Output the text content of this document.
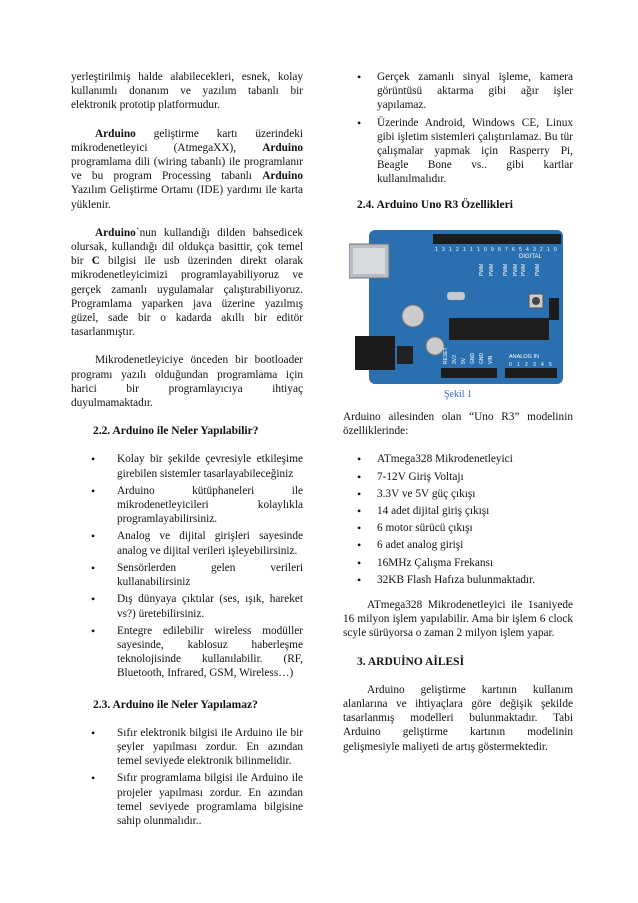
yerleştirilmiş halde alabilecekleri, esnek, kolay kullanımlı donanım ve yazılım tabanlı bir elektronik prototip platformudur.

Arduino geliştirme kartı üzerindeki mikrodenetleyici (AtmegaXX), Arduino programlama dili (wiring tabanlı) ile programlanır ve bu program Processing tabanlı Arduino Yazılım Geliştirme Ortamı (IDE) yardımı ile karta yüklenir.

Arduino`nun kullandığı dilden bahsedicek olursak, kullandığı dil oldukça basittir, çok temel bir C bilgisi ile usb üzerinden direkt olarak mikrodenetleyicimizi programlayabiliyoruz ve gerçek zamanlı uygulamalar çalıştırabiliyoruz. Programlama yaparken java üzerine yazılmış güzel, sade bir o kadarda akıllı bir editör tasarlanmıştır.

Mikrodenetleyiciye önceden bir bootloader programı yazılı olduğundan programlama için harici bir programlayıcıya ihtiyaç duyulmamaktadır.

2.2. Arduino ile Neler Yapılabilir?
• Kolay bir şekilde çevresiyle etkileşime girebilen sistemler tasarlayabileceğiniz
• Arduino kütüphaneleri ile mikrodenetleyicileri kolaylıkla programlayabilirsiniz.
• Analog ve dijital girişleri sayesinde analog ve dijital verileri işleyebilirsiniz.
• Sensörlerden gelen verileri kullanabilirsiniz
• Dış dünyaya çıktılar (ses, ışık, hareket vs?) üretebilirsiniz.
• Entegre edilebilir wireless modüller sayesinde, kablosuz haberleşme teknolojisinde kullanılabilir. (RF, Bluetooth, Infrared, GSM, Wireless…)
2.3. Arduino ile Neler Yapılamaz?
• Sıfır elektronik bilgisi ile Arduino ile bir şeyler yapılması zordur. En azından temel seviyede elektronik bilinmelidir.
• Sıfır programlama bilgisi ile Arduino ile projeler yapılması zordur. En azından temel seviyede programlama bilgisine sahip olunmalıdır..
• Gerçek zamanlı sinyal işleme, kamera görüntüsü aktarma gibi ağır işler yapılamaz.
• Üzerinde Android, Windows CE, Linux gibi işletim sistemleri çalıştırılamaz. Bu tür çalışmalar yapmak için Rasperry Pi, Beagle Bone vs.. gibi kartlar kullanılmalıdır.
2.4. Arduino Uno R3 Özellikleri
DIGITAL
ANALOG IN
RESET 3V3 5V GND GND VIN
0 1 2 3 4 5
1 3 1 2 1 1 1 0 9 8 7 6 5 4 3 2 1 0
PWM PWM PWM PWM PWM PWM
Şekil 1

Arduino ailesinden olan “Uno R3” modelinin özelliklerinde:

• ATmega328 Mikrodenetleyici
• 7-12V Giriş Voltajı
• 3.3V ve 5V güç çıkışı
• 14 adet dijital giriş çıkışı
• 6 motor sürücü çıkışı
• 6 adet analog girişi
• 16MHz Çalışma Frekansı
• 32KB Flash Hafıza bulunmaktadır.

ATmega328 Mikrodenetleyici ile 1saniyede 16 milyon işlem yapılabilir. Ama bir işlem 6 clock scyle sürüyorsa o zaman 2 milyon işlem yapar.

3. ARDUİNO AİLESİ

Arduino geliştirme kartının kullanım alanlarına ve ihtiyaçlara göre değişik şekilde tasarlanmış modelleri bulunmaktadır. Tabi Arduino geliştirme kartının modelinin gelişmesiyle maliyeti de artış göstermektedir.
